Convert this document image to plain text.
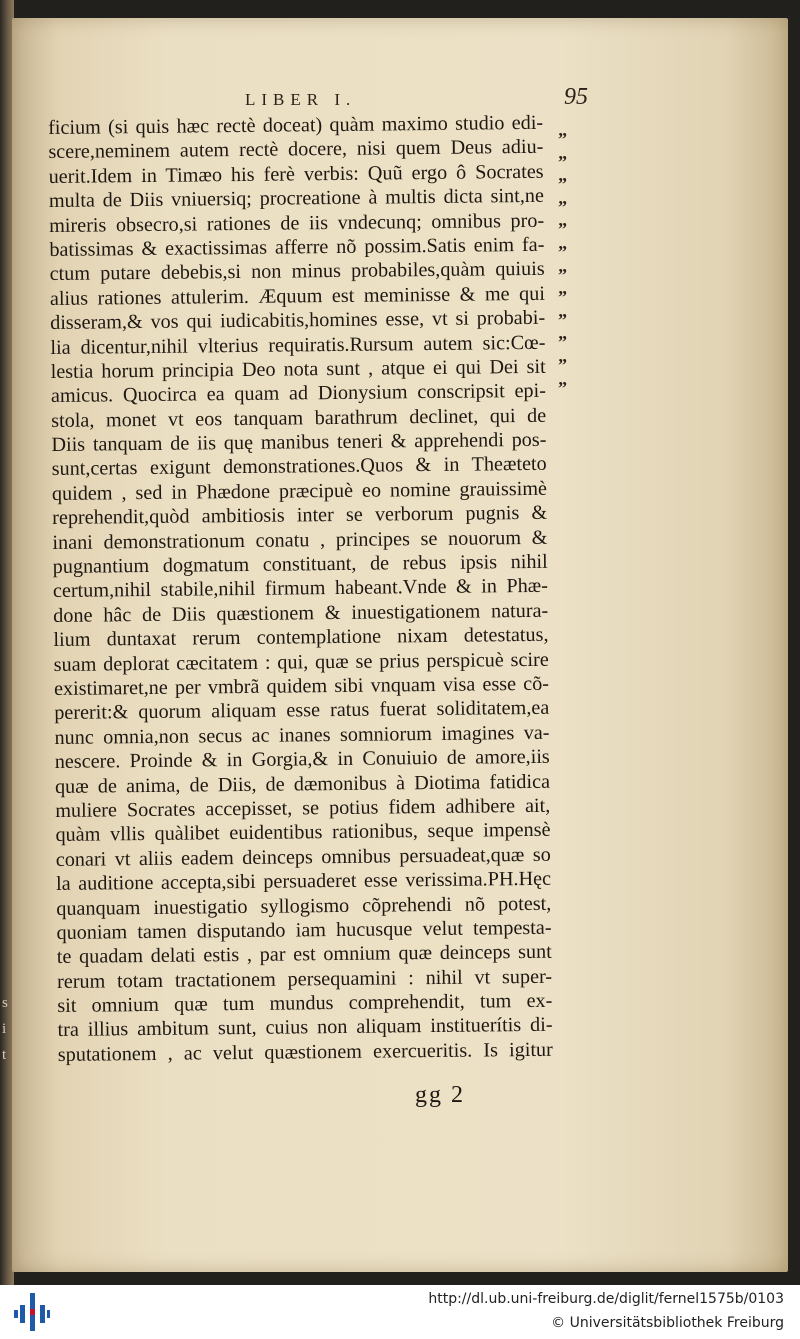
LIBER I.	95
ficium (si quis hæc rectè doceat) quàm maximo studio edi-
scere,neminem autem rectè docere, nisi quem Deus adiu-
uerit.Idem in Timæo his ferè verbis: Quũ ergo ô Socrates
multa de Diis vniuersiq; procreatione à multis dicta sint,ne
mireris obsecro,si rationes de iis vndecunq; omnibus pro-
batissimas & exactissimas afferre nõ possim.Satis enim fa-
ctum putare debebis,si non minus probabiles,quàm quiuis
alius rationes attulerim. Æquum est meminisse & me qui
disseram,& vos qui iudicabitis,homines esse, vt si probabi-
lia dicentur,nihil vlterius requiratis.Rursum autem sic:Cœ-
lestia horum principia Deo nota sunt , atque ei qui Dei sit
amicus. Quocirca ea quam ad Dionysium conscripsit epi-
stola, monet vt eos tanquam barathrum declinet, qui de
Diis tanquam de iis quę manibus teneri & apprehendi pos-
sunt,certas exigunt demonstrationes.Quos & in Theæteto
quidem , sed in Phædone præcipuè eo nomine grauissimè
reprehendit,quòd ambitiosis inter se verborum pugnis &
inani demonstrationum conatu , principes se nouorum &
pugnantium dogmatum constituant, de rebus ipsis nihil
certum,nihil stabile,nihil firmum habeant.Vnde & in Phæ-
done hâc de Diis quæstionem & inuestigationem natura-
lium duntaxat rerum contemplatione nixam detestatus,
suam deplorat cæcitatem : qui, quæ se prius perspicuè scire
existimaret,ne per vmbrã quidem sibi vnquam visa esse cõ-
pererit:& quorum aliquam esse ratus fuerat soliditatem,ea
nunc omnia,non secus ac inanes somniorum imagines va-
nescere. Proinde & in Gorgia,& in Conuiuio de amore,iis
quæ de anima, de Diis, de dæmonibus à Diotima fatidica
muliere Socrates accepisset, se potius fidem adhibere ait,
quàm vllis quàlibet euidentibus rationibus, seque impensè
conari vt aliis eadem deinceps omnibus persuadeat,quæ so
la auditione accepta,sibi persuaderet esse verissima.PH.Hęc
quanquam inuestigatio syllogismo cõprehendi nõ potest,
quoniam tamen disputando iam hucusque velut tempesta-
te quadam delati estis , par est omnium quæ deinceps sunt
rerum totam tractationem persequamini : nihil vt super-
sit omnium quæ tum mundus comprehendit, tum ex-
tra illius ambitum sunt, cuius non aliquam instituerítis di-
sputationem , ac velut quæstionem exercueritis. Is igitur
”
”
”
”
”
”
”
”
”
”
”
”
s
i
t
gg 2
http://dl.ub.uni-freiburg.de/diglit/fernel1575b/0103
© Universitätsbibliothek Freiburg
